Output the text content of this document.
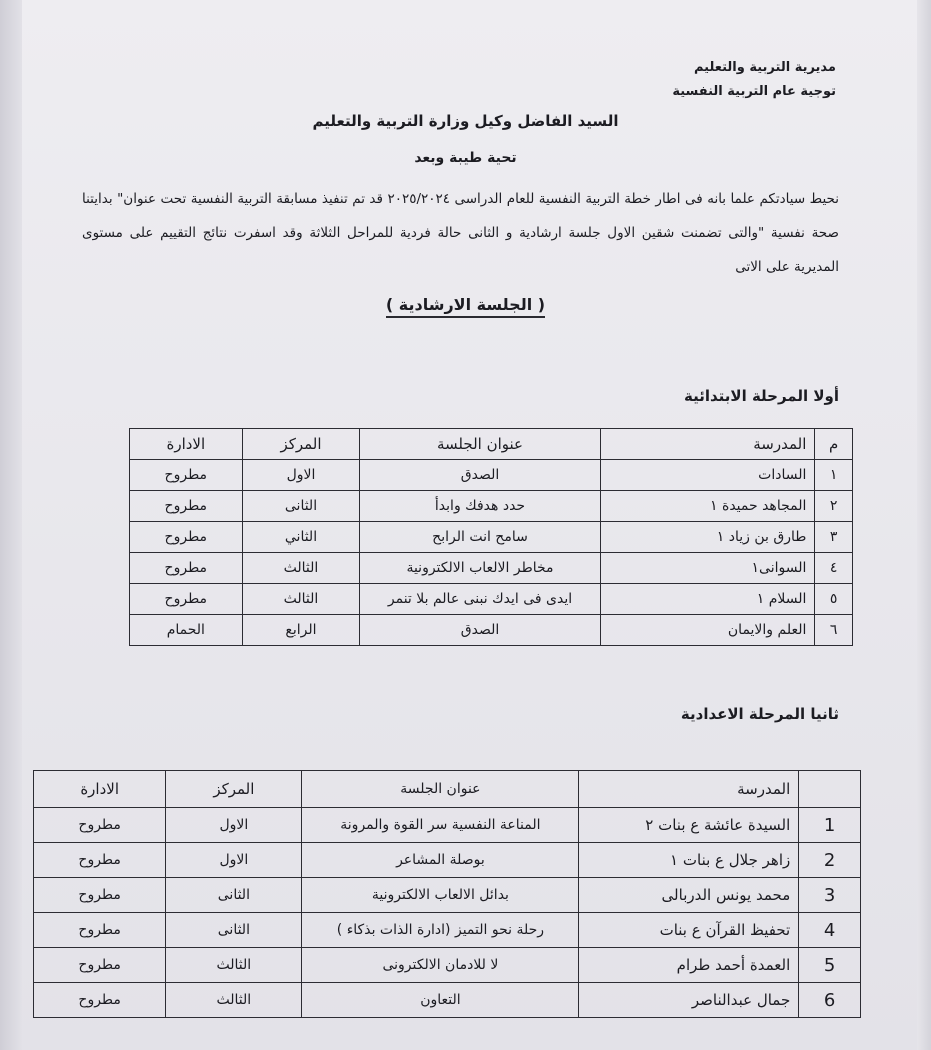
مديرية التربية والتعليم
توجية عام التربية النفسية
السيد الفاضل وكيل وزارة التربية والتعليم
تحية طيبة وبعد
نحيط سيادتكم علما بانه فى اطار خطة التربية النفسية للعام الدراسى ٢٠٢٥/٢٠٢٤ قد تم تنفيذ مسابقة التربية النفسية تحت عنوان" بدايتنا صحة نفسية "والتى تضمنت شقين الاول جلسة ارشادية و الثانى حالة فردية للمراحل الثلاثة وقد اسفرت نتائج التقييم على مستوى المديرية على الاتى
( الجلسة الارشادية )
أولا المرحلة الابتدائية
م	المدرسة	عنوان الجلسة	المركز	الادارة
١	السادات	الصدق	الاول	مطروح
٢	المجاهد حميدة ١	حدد هدفك وابدأ	الثانى	مطروح
٣	طارق بن زياد ١	سامح انت الرابح	الثاني	مطروح
٤	السوانى١	مخاطر الالعاب الالكترونية	الثالث	مطروح
٥	السلام ١	ايدى فى ايدك نبنى عالم بلا تنمر	الثالث	مطروح
٦	العلم والايمان	الصدق	الرابع	الحمام
ثانيا المرحلة الاعدادية
	المدرسة	عنوان الجلسة	المركز	الادارة
1	السيدة عائشة ع بنات ٢	المناعة النفسية سر القوة والمرونة	الاول	مطروح
2	زاهر جلال ع بنات ١	بوصلة المشاعر	الاول	مطروح
3	محمد يونس الدربالى	بدائل الالعاب الالكترونية	الثانى	مطروح
4	تحفيظ القرآن ع بنات	رحلة نحو التميز (ادارة الذات بذكاء )	الثانى	مطروح
5	العمدة أحمد طرام	لا للادمان الالكترونى	الثالث	مطروح
6	جمال عبدالناصر	التعاون	الثالث	مطروح
